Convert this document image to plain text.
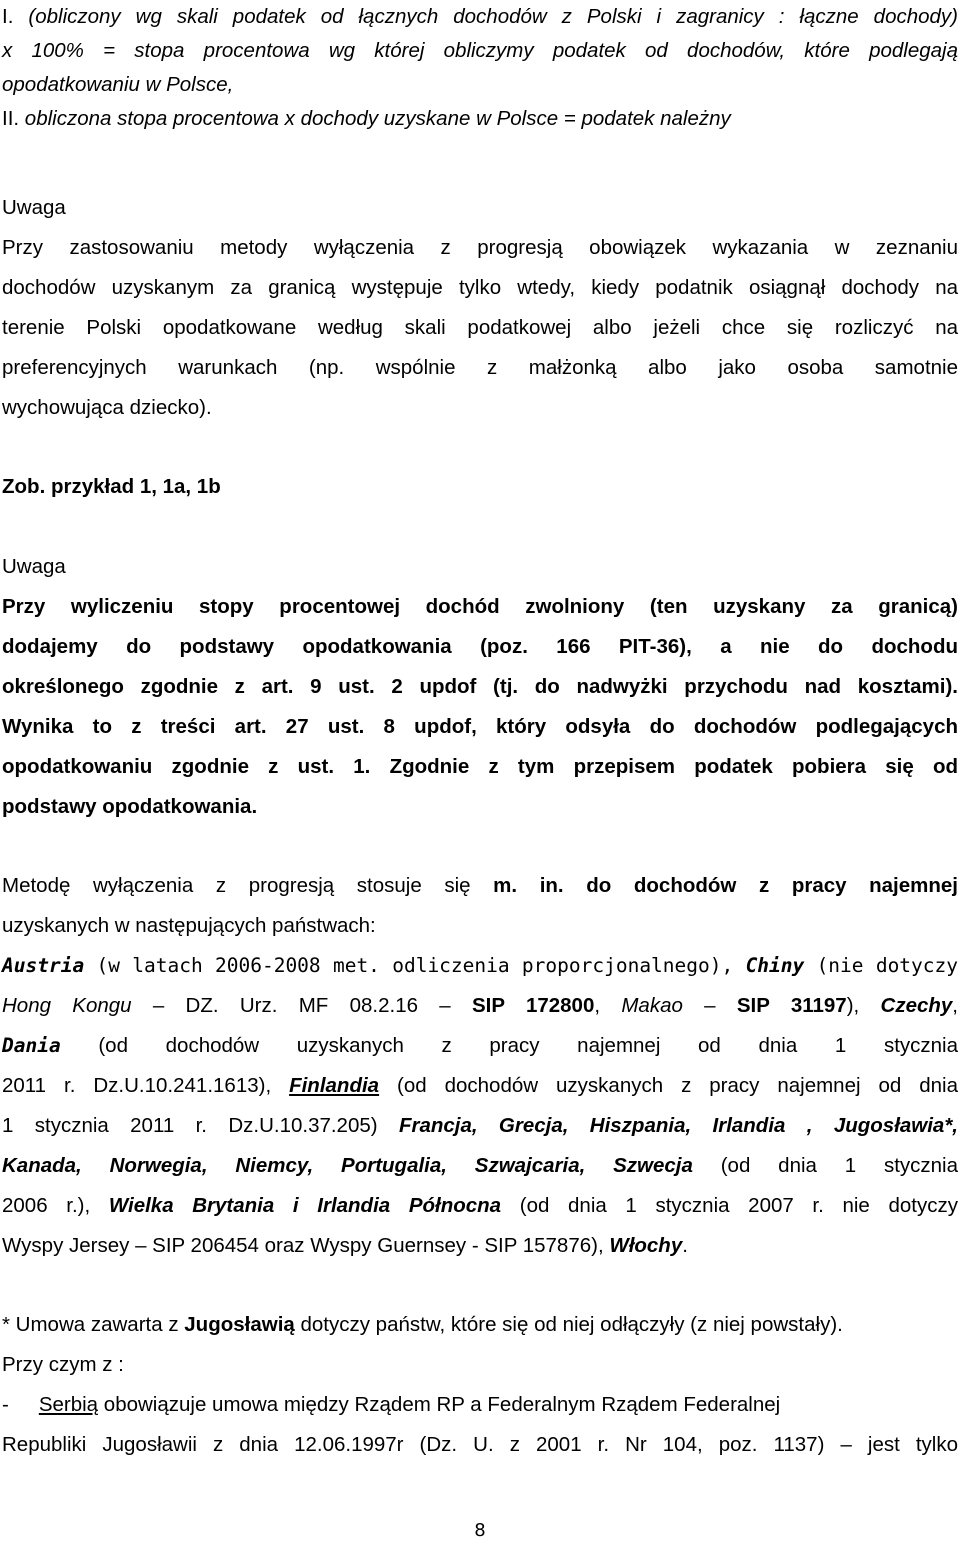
I. (obliczony wg skali podatek od łącznych dochodów z Polski i zagranicy : łączne dochody)
x 100% = stopa procentowa wg której obliczymy podatek od dochodów, które podlegają
opodatkowaniu w Polsce,
II. obliczona stopa procentowa x dochody uzyskane w Polsce = podatek należny
Uwaga
Przy zastosowaniu metody wyłączenia z progresją obowiązek wykazania w zeznaniu
dochodów uzyskanym za granicą występuje tylko wtedy, kiedy podatnik osiągnął dochody na
terenie Polski opodatkowane według skali podatkowej albo jeżeli chce się rozliczyć na
preferencyjnych warunkach (np. wspólnie z małżonką albo jako osoba samotnie
wychowująca dziecko).
Zob. przykład 1, 1a, 1b
Uwaga
Przy wyliczeniu stopy procentowej dochód zwolniony (ten uzyskany za granicą)
dodajemy do podstawy opodatkowania (poz. 166 PIT-36), a nie do dochodu
określonego zgodnie z art. 9 ust. 2 updof (tj. do nadwyżki przychodu nad kosztami).
Wynika to z treści art. 27 ust. 8 updof, który odsyła do dochodów podlegających
opodatkowaniu zgodnie z ust. 1. Zgodnie z tym przepisem podatek pobiera się od
podstawy opodatkowania.
Metodę wyłączenia z progresją stosuje się m. in. do dochodów z pracy najemnej
uzyskanych w następujących państwach:
Austria (w latach 2006-2008 met. odliczenia proporcjonalnego), Chiny (nie dotyczy
Hong Kongu – DZ. Urz. MF 08.2.16 – SIP 172800, Makao – SIP 31197), Czechy,
Dania (od dochodów uzyskanych z pracy najemnej od dnia 1 stycznia
2011 r. Dz.U.10.241.1613), Finlandia (od dochodów uzyskanych z pracy najemnej od dnia
1 stycznia 2011 r. Dz.U.10.37.205) Francja, Grecja, Hiszpania, Irlandia , Jugosławia*,
Kanada, Norwegia, Niemcy, Portugalia, Szwajcaria, Szwecja (od dnia 1 stycznia
2006 r.), Wielka Brytania i Irlandia Północna (od dnia 1 stycznia 2007 r. nie dotyczy
Wyspy Jersey – SIP 206454 oraz Wyspy Guernsey - SIP 157876), Włochy.
* Umowa zawarta z Jugosławią dotyczy państw, które się od niej odłączyły (z niej powstały).
Przy czym z :
- Serbią obowiązuje umowa między Rządem RP a Federalnym Rządem Federalnej
Republiki Jugosławii z dnia 12.06.1997r (Dz. U. z 2001 r. Nr 104, poz. 1137) – jest tylko
8
